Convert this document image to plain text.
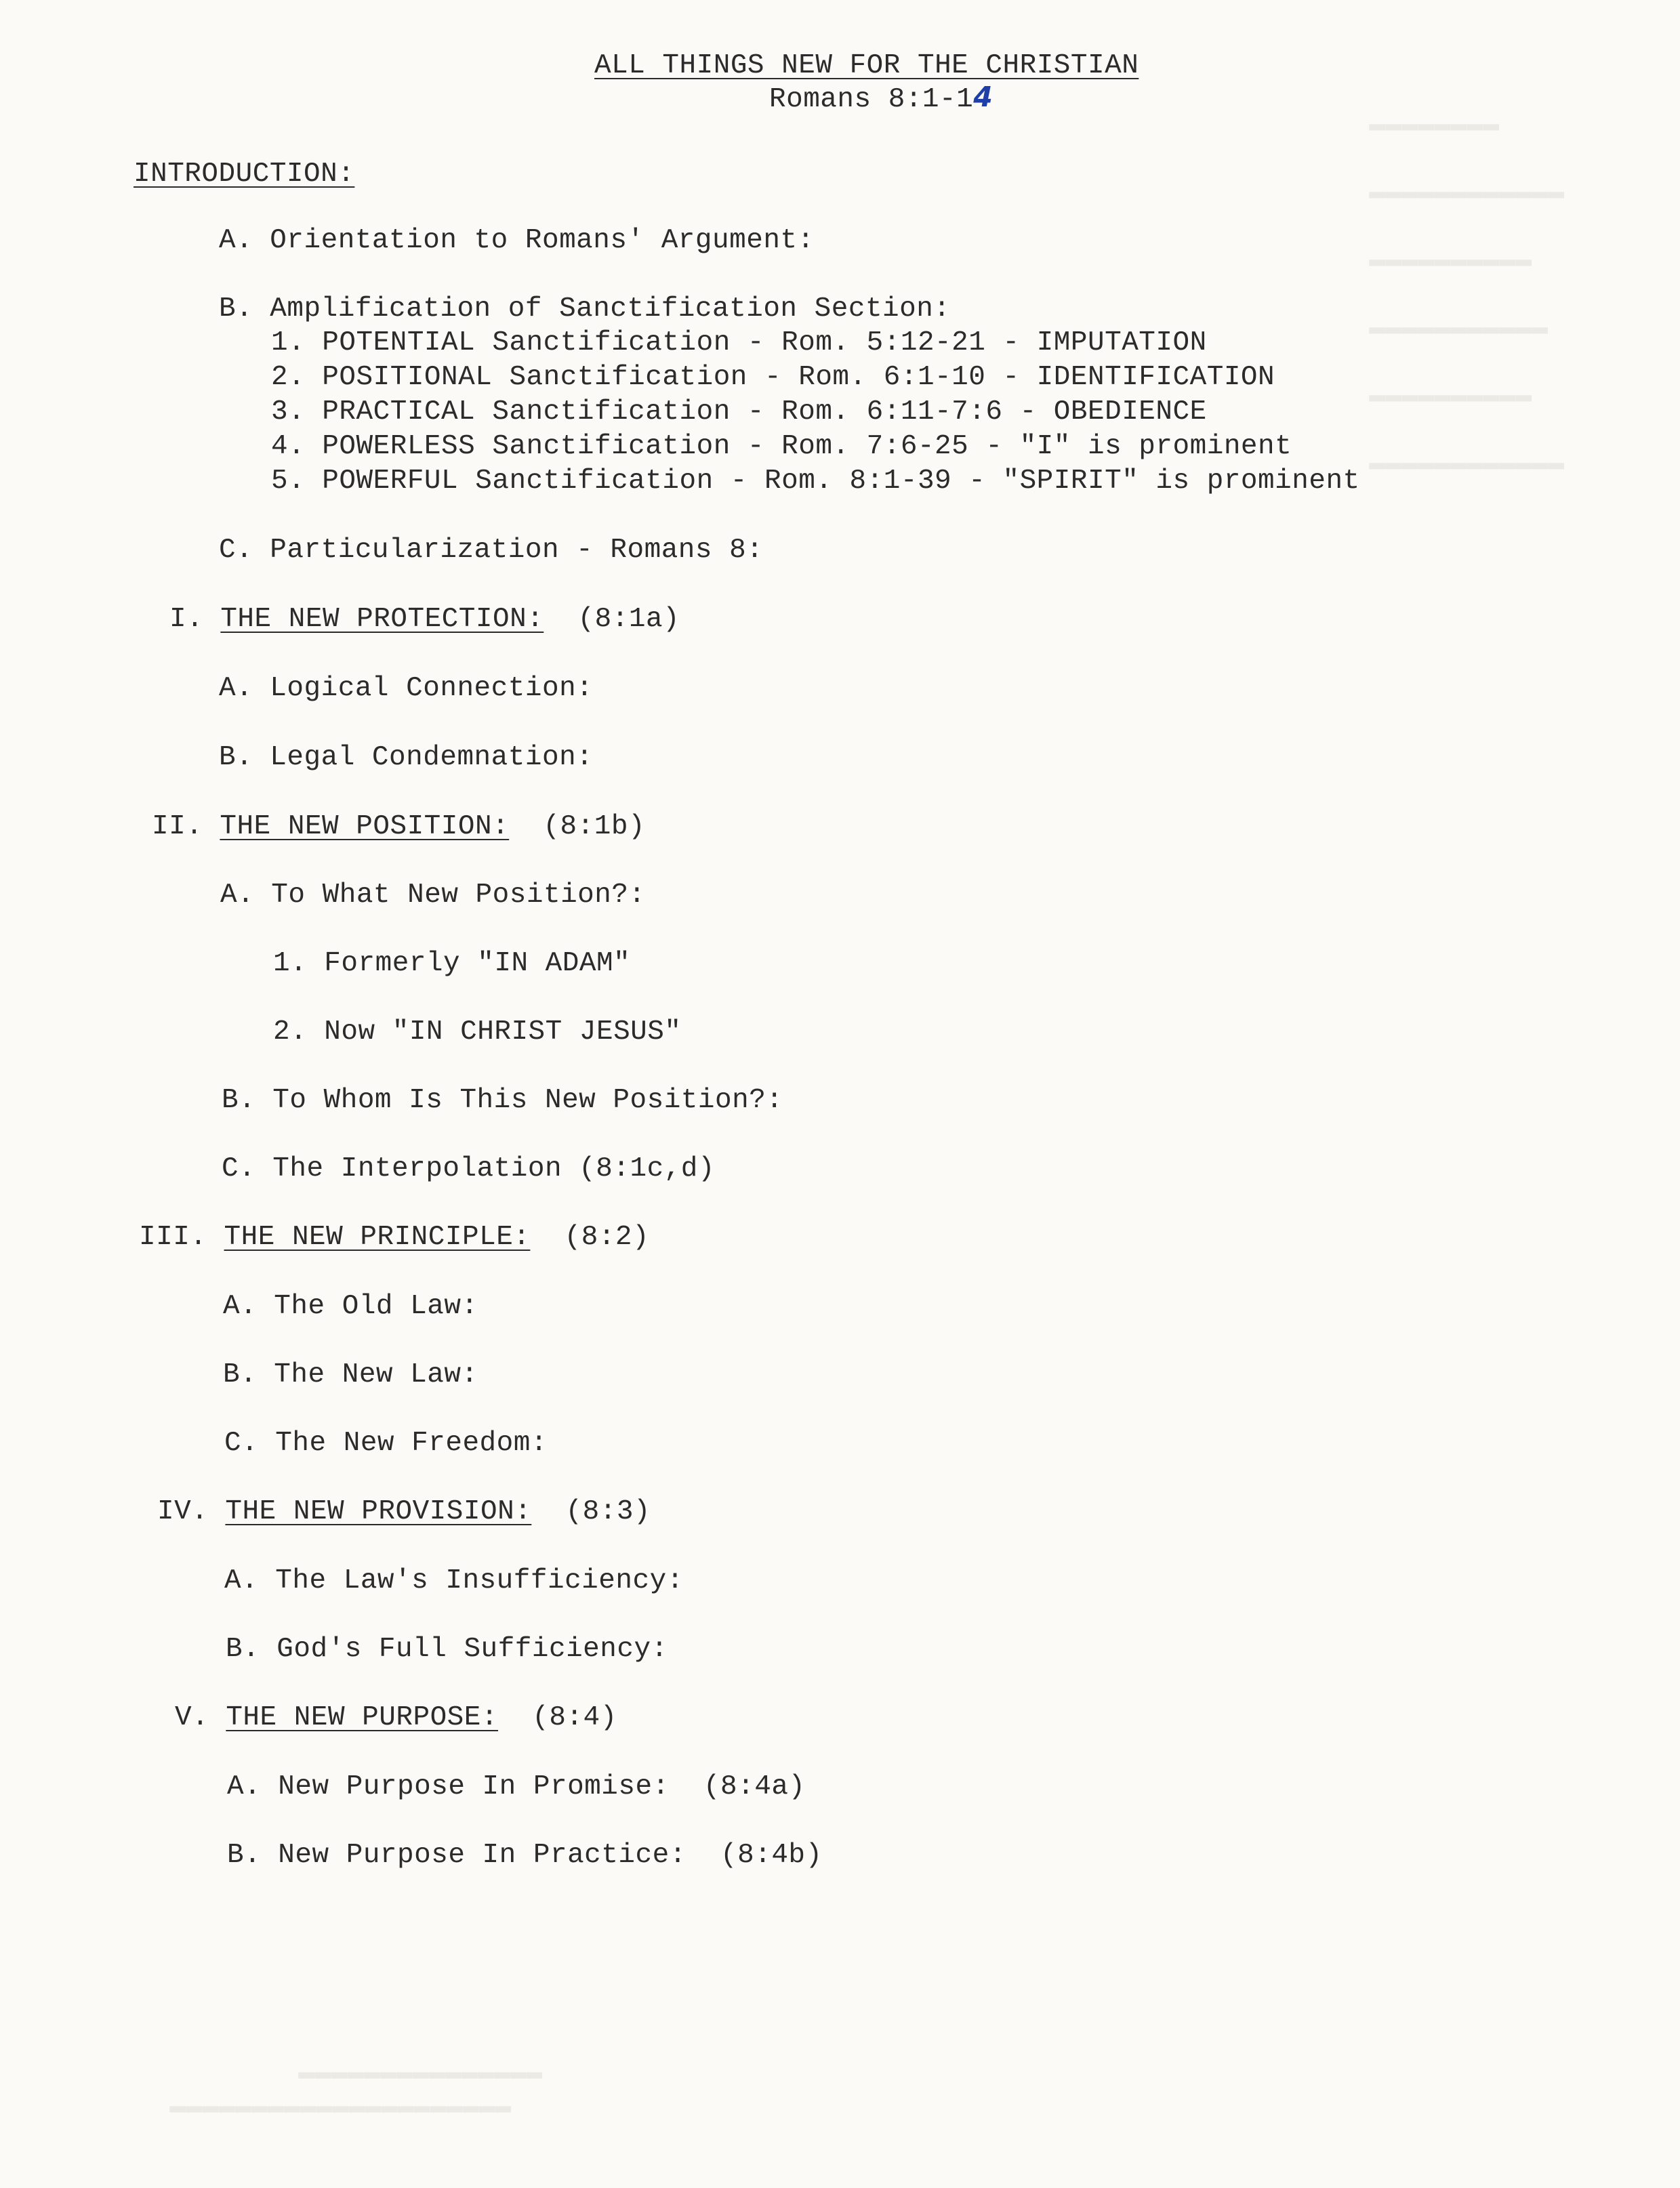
▬▬▬▬▬▬▬▬
▬▬▬▬▬▬▬▬▬▬▬▬
▬▬▬▬▬▬▬▬▬▬
▬▬▬▬▬▬▬▬▬▬▬
▬▬▬▬▬▬▬▬▬▬
▬▬▬▬▬▬▬▬▬▬▬▬
ALL THINGS NEW FOR THE CHRISTIAN
Romans 8:1-14
INTRODUCTION:
A. Orientation to Romans' Argument:
B. Amplification of Sanctification Section:
1. POTENTIAL Sanctification - Rom. 5:12-21 - IMPUTATION
2. POSITIONAL Sanctification - Rom. 6:1-10 - IDENTIFICATION
3. PRACTICAL Sanctification - Rom. 6:11-7:6 - OBEDIENCE
4. POWERLESS Sanctification - Rom. 7:6-25 - "I" is prominent
5. POWERFUL Sanctification - Rom. 8:1-39 - "SPIRIT" is prominent
C. Particularization - Romans 8:
I. THE NEW PROTECTION: (8:1a)
A. Logical Connection:
B. Legal Condemnation:
II. THE NEW POSITION: (8:1b)
A. To What New Position?:
1. Formerly "IN ADAM"
2. Now "IN CHRIST JESUS"
B. To Whom Is This New Position?:
C. The Interpolation (8:1c,d)
III. THE NEW PRINCIPLE: (8:2)
A. The Old Law:
B. The New Law:
C. The New Freedom:
IV. THE NEW PROVISION: (8:3)
A. The Law's Insufficiency:
B. God's Full Sufficiency:
V. THE NEW PURPOSE: (8:4)
A. New Purpose In Promise:  (8:4a)
B. New Purpose In Practice:  (8:4b)
▬▬▬▬▬▬▬▬▬▬▬▬▬▬▬
▬▬▬▬▬▬▬▬▬▬▬▬▬▬▬▬▬▬▬▬▬
